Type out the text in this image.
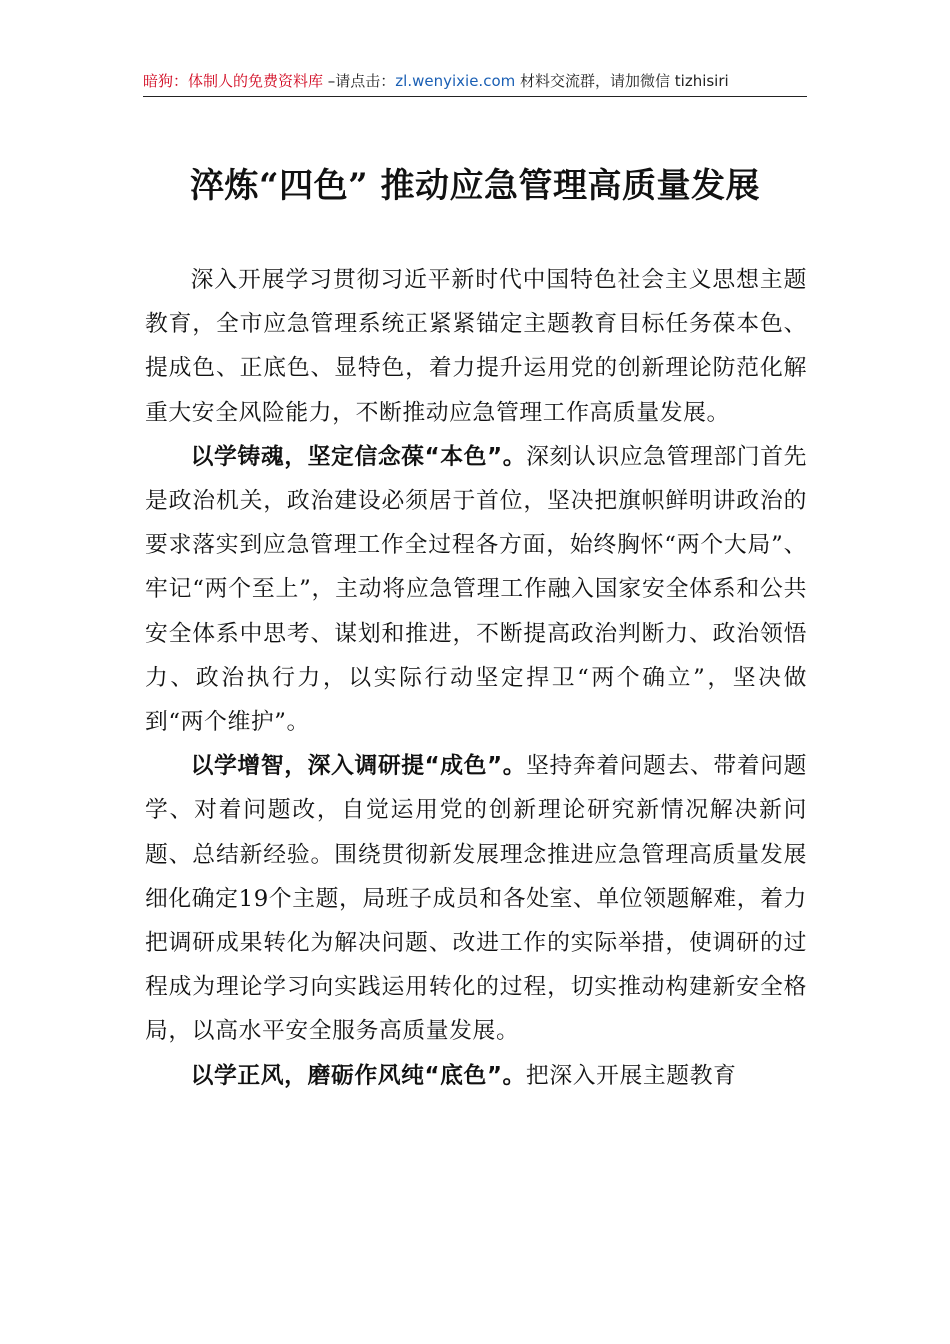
暗狗：体制人的免费资料库 –请点击：zl.wenyixie.com 材料交流群，请加微信 tizhisiri
淬炼“四色” 推动应急管理高质量发展

深入开展学习贯彻习近平新时代中国特色社会主义思想主题教育，全市应急管理系统正紧紧锚定主题教育目标任务葆本色、提成色、正底色、显特色，着力提升运用党的创新理论防范化解重大安全风险能力，不断推动应急管理工作高质量发展。

以学铸魂，坚定信念葆“本色”。深刻认识应急管理部门首先是政治机关，政治建设必须居于首位，坚决把旗帜鲜明讲政治的要求落实到应急管理工作全过程各方面，始终胸怀“两个大局”、牢记“两个至上”，主动将应急管理工作融入国家安全体系和公共安全体系中思考、谋划和推进，不断提高政治判断力、政治领悟力、政治执行力，以实际行动坚定捍卫“两个确立”，坚决做到“两个维护”。

以学增智，深入调研提“成色”。坚持奔着问题去、带着问题学、对着问题改，自觉运用党的创新理论研究新情况解决新问题、总结新经验。围绕贯彻新发展理念推进应急管理高质量发展细化确定19个主题，局班子成员和各处室、单位领题解难，着力把调研成果转化为解决问题、改进工作的实际举措，使调研的过程成为理论学习向实践运用转化的过程，切实推动构建新安全格局，以高水平安全服务高质量发展。

以学正风，磨砺作风纯“底色”。把深入开展主题教育
